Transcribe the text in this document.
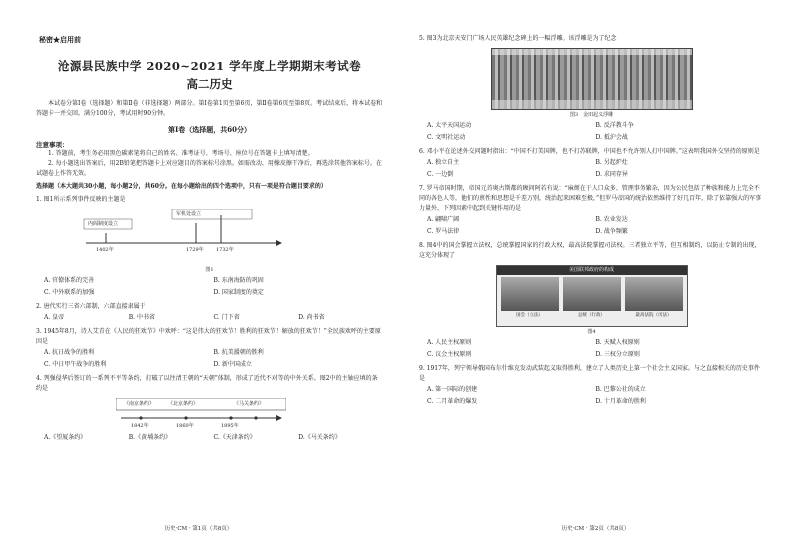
秘密★启用前
沧源县民族中学 2020~2021 学年度上学期期末考试卷
高二历史

本试卷分第Ⅰ卷（选择题）和第Ⅱ卷（非选择题）两部分。第Ⅰ卷第1页至第6页，第Ⅱ卷第6页至第8页。考试结束后，将本试卷和答题卡一并交回。满分100分，考试用时90分钟。

第Ⅰ卷（选择题，共60分）
注意事项：

1. 答题前，考生务必用黑色碳素笔将自己的姓名、准考证号、考场号、座位号在答题卡上填写清楚。

2. 每小题选出答案后，用2B铅笔把答题卡上对应题目的答案标号涂黑。如需改动，用橡皮擦干净后，再选涂其他答案标号。在试题卷上作答无效。

选择题（本大题共30小题，每小题2分，共60分。在每小题给出的四个选项中，只有一项是符合题目要求的）

1. 图1所示系列事件反映的主题是

内阁制度设立
军机处设立
1402年	1729年 1732年
图1
A. 官僚体系的完善	B. 东南海防的巩固
C. 中外联系的加强	D. 国家制度的奠定

2. 唐代实行三省六部制，六部直接隶属于

A. 皇帝	B. 中书省	C. 门下省	D. 尚书省

3. 1945年8月，诗人艾青在《人民的狂欢节》中欢呼：“这是伟大的狂欢节！胜利的狂欢节！解放的狂欢节！”全民族欢呼的主要原因是

A. 抗日战争的胜利	B. 抗美援朝的胜利
C. 中日甲午战争的胜利	D. 新中国成立

4. 列强侵华后签订的一系列不平等条约，打破了以往清王朝的“天朝”体制，形成了近代不对等的中外关系。图2中的主轴应填的条约是

《南京条约》	《北京条约》	《马关条约》
1842年	1860年	1895年
A.《望厦条约》	B.《黄埔条约》	C.《天津条约》	D.《马关条约》
历史·CM · 第1页（共8页）

5. 图3为北京天安门广场人民英雄纪念碑上的一幅浮雕。该浮雕是为了纪念

图3　金田起义浮雕
A. 太平天国运动	B. 反洋教斗争
C. 文明社运动	D. 抵沪会战

6. 邓小平在论述外交问题时指出：“中国不打美国牌，也不打苏联牌，中国也不允许别人打中国牌。”这表明我国外交坚持的原则是

A. 独立自主	B. 另起炉灶
C. 一边倒	D. 求同存异

7. 罗马帝国时期，帝国元首奥古斯都的顾问阿若有说：“麻烦在于人口众多、管理事务繁杂，因为公民包括了种族和能力上完全不同的各色人等，他们的禀性和思想是千差万别，统治起来困难至极，”但罗马帝国的统治依然维持了好几百年，除了依靠强大的军事力量外，下列因素中起到关键作用的是

A. 翩啸广阔	B. 农业发达
C. 罗马法律	D. 战争频繁

8. 图4中的国会掌握立法权，总统掌握国家的行政大权，最高法院掌握司法权。三者独立平等，但互相制约，以防止专制的出现，这充分体现了

美国联邦政府的构成
国会（立法）	总统（行政）	最高法院（司法）
图4
A. 人民主权原则	B. 天赋人权原则
C. 议会主权原则	D. 三权分立原则

9. 1917年，列宁领导俄国布尔什维克发动武装起义取得胜利，建立了人类历史上第一个社会主义国家。与之直接相关的历史事件是

A. 第一国际的创建	B. 巴黎公社的成立
C. 二月革命的爆发	D. 十月革命的胜利
历史·CM · 第2页（共8页）
